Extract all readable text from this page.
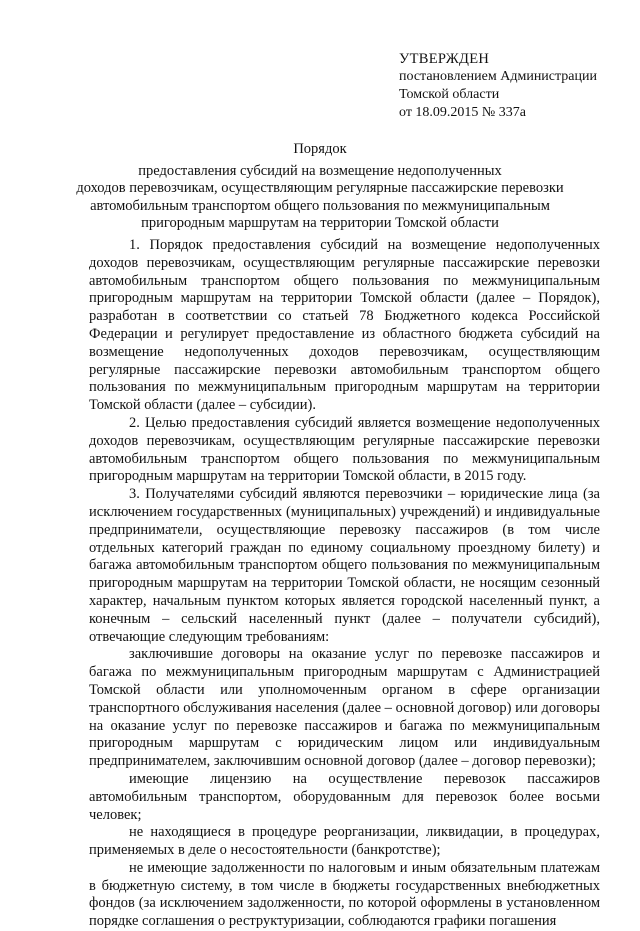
УТВЕРЖДЕН
постановлением Администрации
Томской области
от 18.09.2015 № 337а
Порядок
предоставления субсидий на возмещение недополученных
доходов перевозчикам, осуществляющим регулярные пассажирские перевозки
автомобильным транспортом общего пользования по межмуниципальным
пригородным маршрутам на территории Томской области

1. Порядок предоставления субсидий на возмещение недополученных доходов перевозчикам, осуществляющим регулярные пассажирские перевозки автомобильным транспортом общего пользования по межмуниципальным пригородным маршрутам на территории Томской области (далее – Порядок), разработан в соответствии со статьей 78 Бюджетного кодекса Российской Федерации и регулирует предоставление из областного бюджета субсидий на возмещение недополученных доходов перевозчикам, осуществляющим регулярные пассажирские перевозки автомобильным транспортом общего пользования по межмуниципальным пригородным маршрутам на территории Томской области (далее – субсидии).

2. Целью предоставления субсидий является возмещение недополученных доходов перевозчикам, осуществляющим регулярные пассажирские перевозки автомобильным транспортом общего пользования по межмуниципальным пригородным маршрутам на территории Томской области, в 2015 году.

3. Получателями субсидий являются перевозчики – юридические лица (за исключением государственных (муниципальных) учреждений) и индивидуальные предприниматели, осуществляющие перевозку пассажиров (в том числе отдельных категорий граждан по единому социальному проездному билету) и багажа автомобильным транспортом общего пользования по межмуниципальным пригородным маршрутам на территории Томской области, не носящим сезонный характер, начальным пунктом которых является городской населенный пункт, а конечным – сельский населенный пункт (далее – получатели субсидий), отвечающие следующим требованиям:

заключившие договоры на оказание услуг по перевозке пассажиров и багажа по межмуниципальным пригородным маршрутам с Администрацией Томской области или уполномоченным органом в сфере организации транспортного обслуживания населения (далее – основной договор) или договоры на оказание услуг по перевозке пассажиров и багажа по межмуниципальным пригородным маршрутам с юридическим лицом или индивидуальным предпринимателем, заключившим основной договор (далее – договор перевозки);

имеющие лицензию на осуществление перевозок пассажиров автомобильным транспортом, оборудованным для перевозок более восьми человек;

не находящиеся в процедуре реорганизации, ликвидации, в процедурах, применяемых в деле о несостоятельности (банкротстве);

не имеющие задолженности по налоговым и иным обязательным платежам в бюджетную систему, в том числе в бюджеты государственных внебюджетных фондов (за исключением задолженности, по которой оформлены в установленном порядке соглашения о реструктуризации, соблюдаются графики погашения
